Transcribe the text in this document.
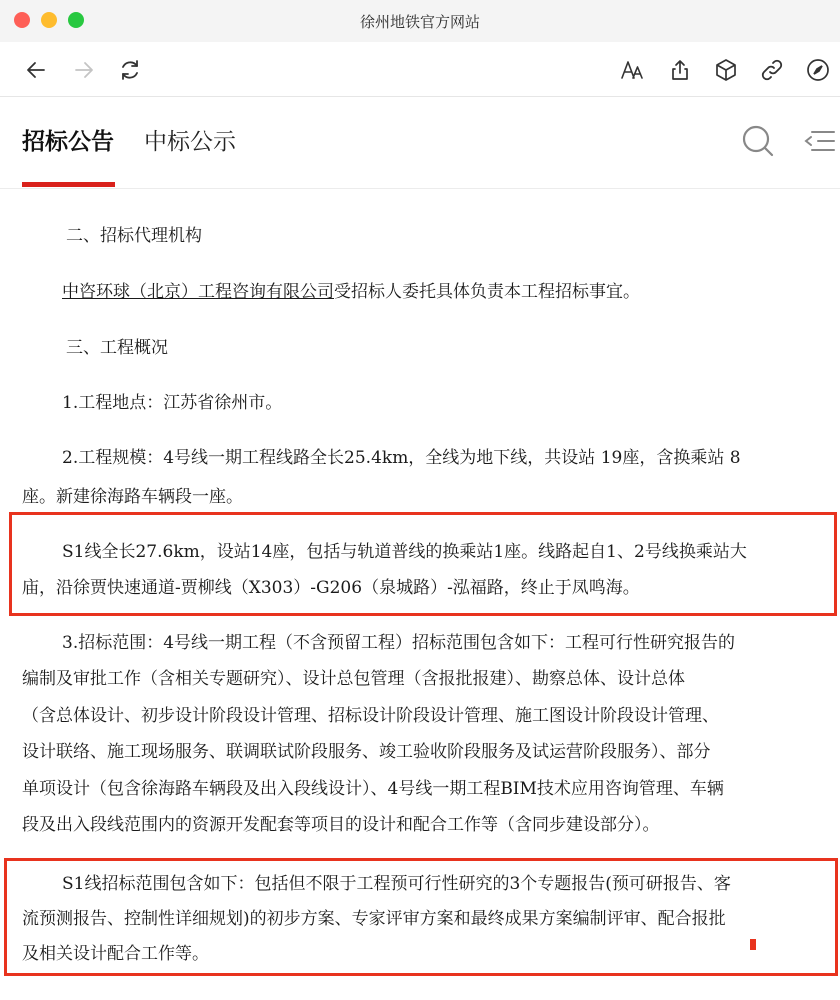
徐州地铁官方网站
招标公告 中标公示
二、招标代理机构
中咨环球（北京）工程咨询有限公司受招标人委托具体负责本工程招标事宜。
三、工程概况
1.工程地点：江苏省徐州市。
2.工程规模：4号线一期工程线路全长25.4km，全线为地下线，共设站 19座，含换乘站 8
座。新建徐海路车辆段一座。
S1线全长27.6km，设站14座，包括与轨道普线的换乘站1座。线路起自1、2号线换乘站大
庙，沿徐贾快速通道-贾柳线（X303）-G206（泉城路）-泓福路，终止于凤鸣海。
3.招标范围：4号线一期工程（不含预留工程）招标范围包含如下：工程可行性研究报告的
编制及审批工作（含相关专题研究）、设计总包管理（含报批报建）、勘察总体、设计总体
（含总体设计、初步设计阶段设计管理、招标设计阶段设计管理、施工图设计阶段设计管理、
设计联络、施工现场服务、联调联试阶段服务、竣工验收阶段服务及试运营阶段服务）、部分
单项设计（包含徐海路车辆段及出入段线设计）、4号线一期工程BIM技术应用咨询管理、车辆
段及出入段线范围内的资源开发配套等项目的设计和配合工作等（含同步建设部分）。
S1线招标范围包含如下：包括但不限于工程预可行性研究的3个专题报告(预可研报告、客
流预测报告、控制性详细规划)的初步方案、专家评审方案和最终成果方案编制评审、配合报批
及相关设计配合工作等。
